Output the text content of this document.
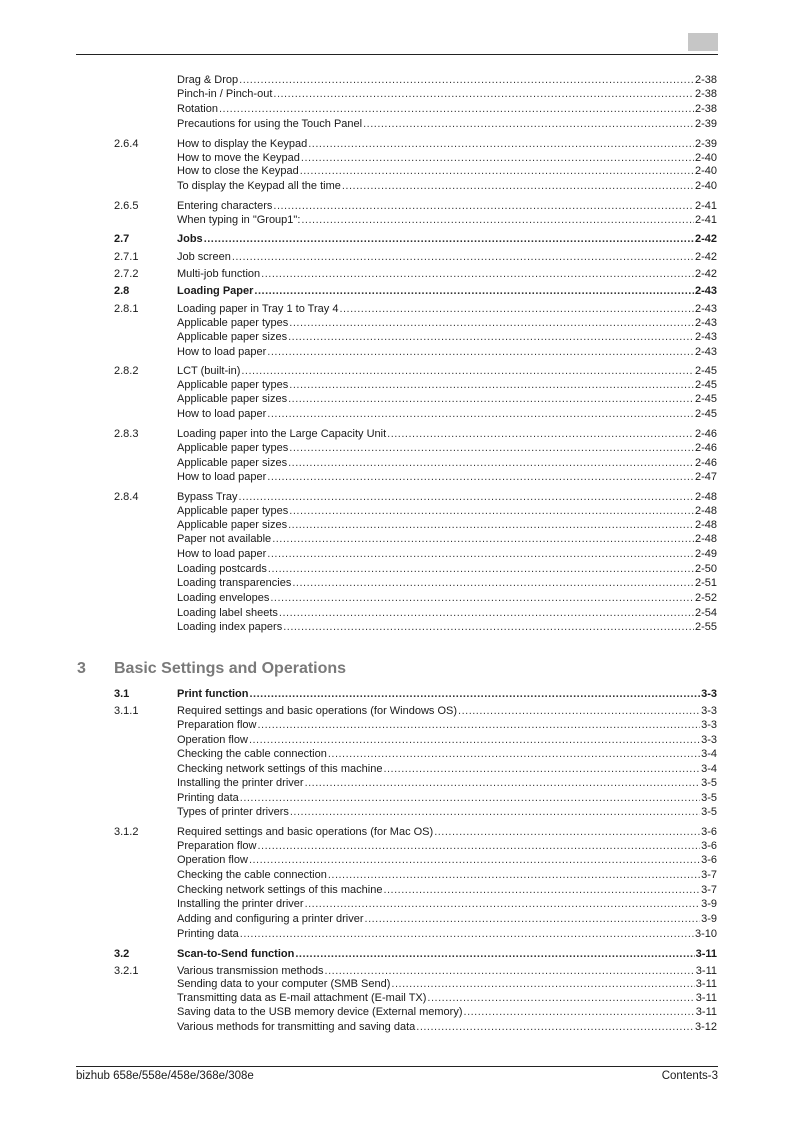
Drag & Drop .....	2-38
Pinch-in / Pinch-out .....	2-38
Rotation .....	2-38
Precautions for using the Touch Panel .....	2-39
2.6.4	How to display the Keypad .....	2-39
How to move the Keypad .....	2-40
How to close the Keypad .....	2-40
To display the Keypad all the time .....	2-40
2.6.5	Entering characters .....	2-41
When typing in "Group1": .....	2-41
2.7	Jobs .....	2-42
2.7.1	Job screen .....	2-42
2.7.2	Multi-job function .....	2-42
2.8	Loading Paper .....	2-43
2.8.1	Loading paper in Tray 1 to Tray 4 .....	2-43
Applicable paper types .....	2-43
Applicable paper sizes .....	2-43
How to load paper .....	2-43
2.8.2	LCT (built-in) .....	2-45
Applicable paper types .....	2-45
Applicable paper sizes .....	2-45
How to load paper .....	2-45
2.8.3	Loading paper into the Large Capacity Unit .....	2-46
Applicable paper types .....	2-46
Applicable paper sizes .....	2-46
How to load paper .....	2-47
2.8.4	Bypass Tray .....	2-48
Applicable paper types .....	2-48
Applicable paper sizes .....	2-48
Paper not available .....	2-48
How to load paper .....	2-49
Loading postcards .....	2-50
Loading transparencies .....	2-51
Loading envelopes .....	2-52
Loading label sheets .....	2-54
Loading index papers .....	2-55
3.1	Print function .....	3-3
3.1.1	Required settings and basic operations (for Windows OS) .....	3-3
Preparation flow .....	3-3
Operation flow .....	3-3
Checking the cable connection .....	3-4
Checking network settings of this machine .....	3-4
Installing the printer driver .....	3-5
Printing data .....	3-5
Types of printer drivers .....	3-5
3.1.2	Required settings and basic operations (for Mac OS) .....	3-6
Preparation flow .....	3-6
Operation flow .....	3-6
Checking the cable connection .....	3-7
Checking network settings of this machine .....	3-7
Installing the printer driver .....	3-9
Adding and configuring a printer driver .....	3-9
Printing data .....	3-10
3.2	Scan-to-Send function .....	3-11
3.2.1	Various transmission methods .....	3-11
Sending data to your computer (SMB Send) .....	3-11
Transmitting data as E-mail attachment (E-mail TX) .....	3-11
Saving data to the USB memory device (External memory) .....	3-11
Various methods for transmitting and saving data .....	3-12
3 Basic Settings and Operations
bizhub 658e/558e/458e/368e/308e	Contents-3
